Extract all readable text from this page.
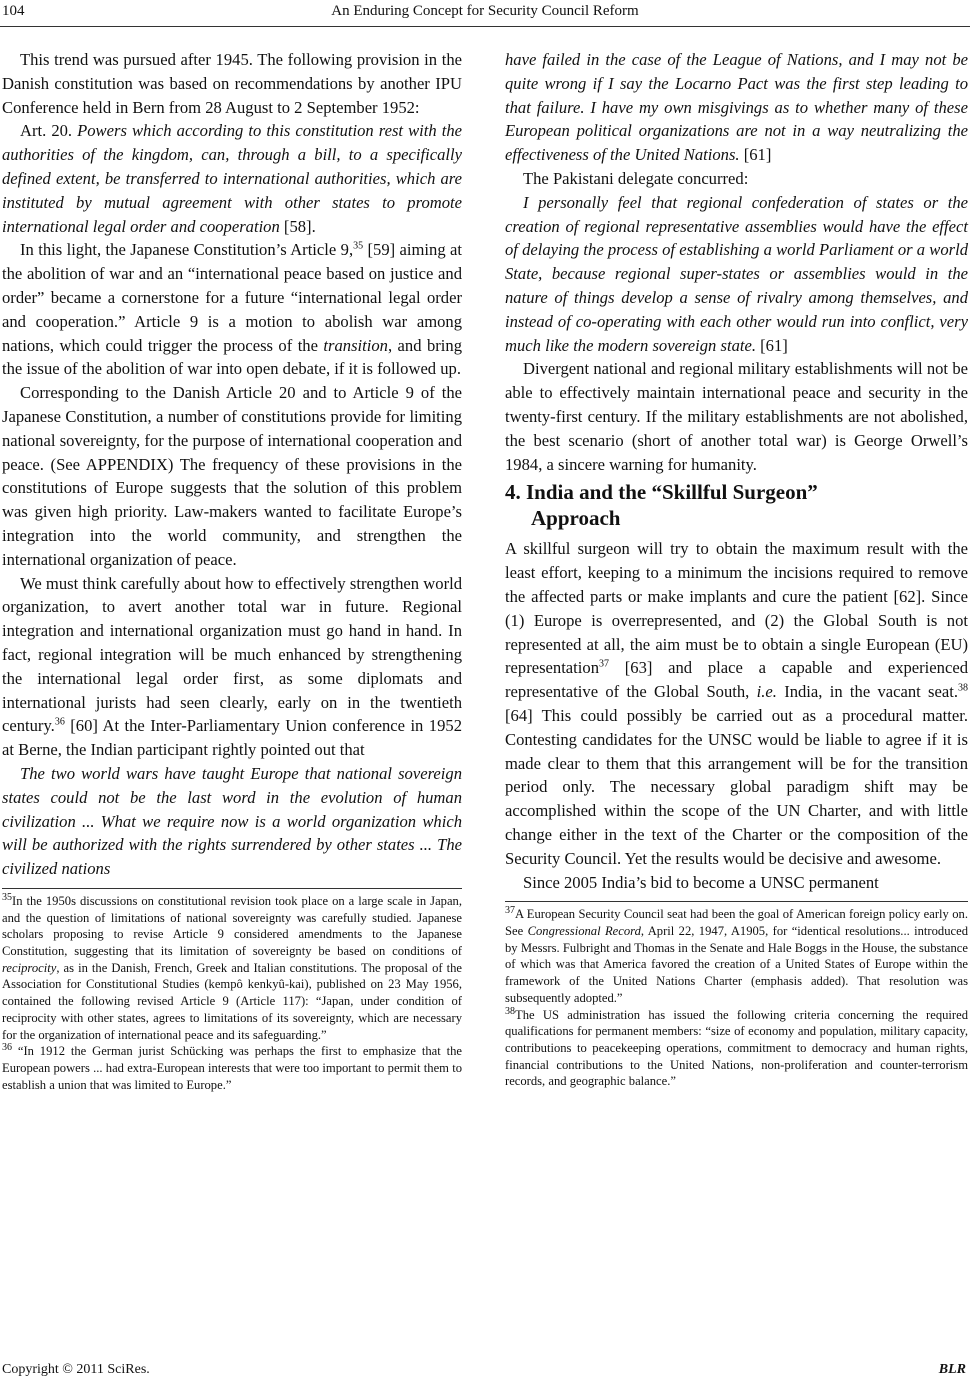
104	An Enduring Concept for Security Council Reform

This trend was pursued after 1945. The following provision in the Danish constitution was based on recommendations by another IPU Conference held in Bern from 28 August to 2 September 1952:

Art. 20. Powers which according to this constitution rest with the authorities of the kingdom, can, through a bill, to a specifically defined extent, be transferred to international authorities, which are instituted by mutual agreement with other states to promote international legal order and cooperation [58].

In this light, the Japanese Constitution’s Article 9,35 [59] aiming at the abolition of war and an “international peace based on justice and order” became a cornerstone for a future “international legal order and cooperation.” Article 9 is a motion to abolish war among nations, which could trigger the process of the transition, and bring the issue of the abolition of war into open debate, if it is followed up.

Corresponding to the Danish Article 20 and to Article 9 of the Japanese Constitution, a number of constitutions provide for limiting national sovereignty, for the purpose of international cooperation and peace. (See APPENDIX) The frequency of these provisions in the constitutions of Europe suggests that the solution of this problem was given high priority. Law-makers wanted to facilitate Europe’s integration into the world community, and strengthen the international organization of peace.

We must think carefully about how to effectively strengthen world organization, to avert another total war in future. Regional integration and international organization must go hand in hand. In fact, regional integration will be much enhanced by strengthening the international legal order first, as some diplomats and international jurists had seen clearly, early on in the twentieth century.$^{36}$ [60] At the Inter-Parliamentary Union conference in 1952 at Berne, the Indian participant rightly pointed out that

The two world wars have taught Europe that national sovereign states could not be the last word in the evolution of human civilization ... What we require now is a world organization which will be authorized with the rights surrendered by other states ... The civilized nations

$^{35}$In the 1950s discussions on constitutional revision took place on a large scale in Japan, and the question of limitations of national sovereignty was carefully studied. Japanese scholars proposing to revise Article 9 considered amendments to the Japanese Constitution, suggesting that its limitation of sovereignty be based on conditions of reciprocity, as in the Danish, French, Greek and Italian constitutions. The proposal of the Association for Constitutional Studies (kempô kenkyû-kai), published on 23 May 1956, contained the following revised Article 9 (Article 117): “Japan, under condition of reciprocity with other states, agrees to limitations of its sovereignty, which are necessary for the organization of international peace and its safeguarding.”

$^{36}$ “In 1912 the German jurist Schücking was perhaps the first to emphasize that the European powers ... had extra-European interests that were too important to permit them to establish a union that was limited to Europe.”

have failed in the case of the League of Nations, and I may not be quite wrong if I say the Locarno Pact was the first step leading to that failure. I have my own misgivings as to whether many of these European political organizations are not in a way neutralizing the effectiveness of the United Nations. [61]

The Pakistani delegate concurred:

I personally feel that regional confederation of states or the creation of regional representative assemblies would have the effect of delaying the process of establishing a world Parliament or a world State, because regional super-states or assemblies would in the nature of things develop a sense of rivalry among themselves, and instead of co-operating with each other would run into conflict, very much like the modern sovereign state. [61]

Divergent national and regional military establishments will not be able to effectively maintain international peace and security in the twenty-first century. If the military establishments are not abolished, the best scenario (short of another total war) is George Orwell’s 1984, a sincere warning for humanity.

4. India and the “Skillful Surgeon”
Approach

A skillful surgeon will try to obtain the maximum result with the least effort, keeping to a minimum the incisions required to remove the affected parts or make implants and cure the patient [62]. Since (1) Europe is overrepresented, and (2) the Global South is not represented at all, the aim must be to obtain a single European (EU) representation$^{37}$ [63] and place a capable and experienced representative of the Global South, i.e. India, in the vacant seat.$^{38}$ [64] This could possibly be carried out as a procedural matter. Contesting candidates for the UNSC would be liable to agree if it is made clear to them that this arrangement will be for the transition period only. The necessary global paradigm shift may be accomplished within the scope of the UN Charter, and with little change either in the text of the Charter or the composition of the Security Council. Yet the results would be decisive and awesome.

Since 2005 India’s bid to become a UNSC permanent

$^{37}$A European Security Council seat had been the goal of American foreign policy early on. See Congressional Record, April 22, 1947, A1905, for “identical resolutions... introduced by Messrs. Fulbright and Thomas in the Senate and Hale Boggs in the House, the substance of which was that America favored the creation of a United States of Europe within the framework of the United Nations Charter (emphasis added). That resolution was subsequently adopted.”

$^{38}$The US administration has issued the following criteria concerning the required qualifications for permanent members: “size of economy and population, military capacity, contributions to peacekeeping operations, commitment to democracy and human rights, financial contributions to the United Nations, non-proliferation and counter-terrorism records, and geographic balance.”

Copyright © 2011 SciRes.	BLR
